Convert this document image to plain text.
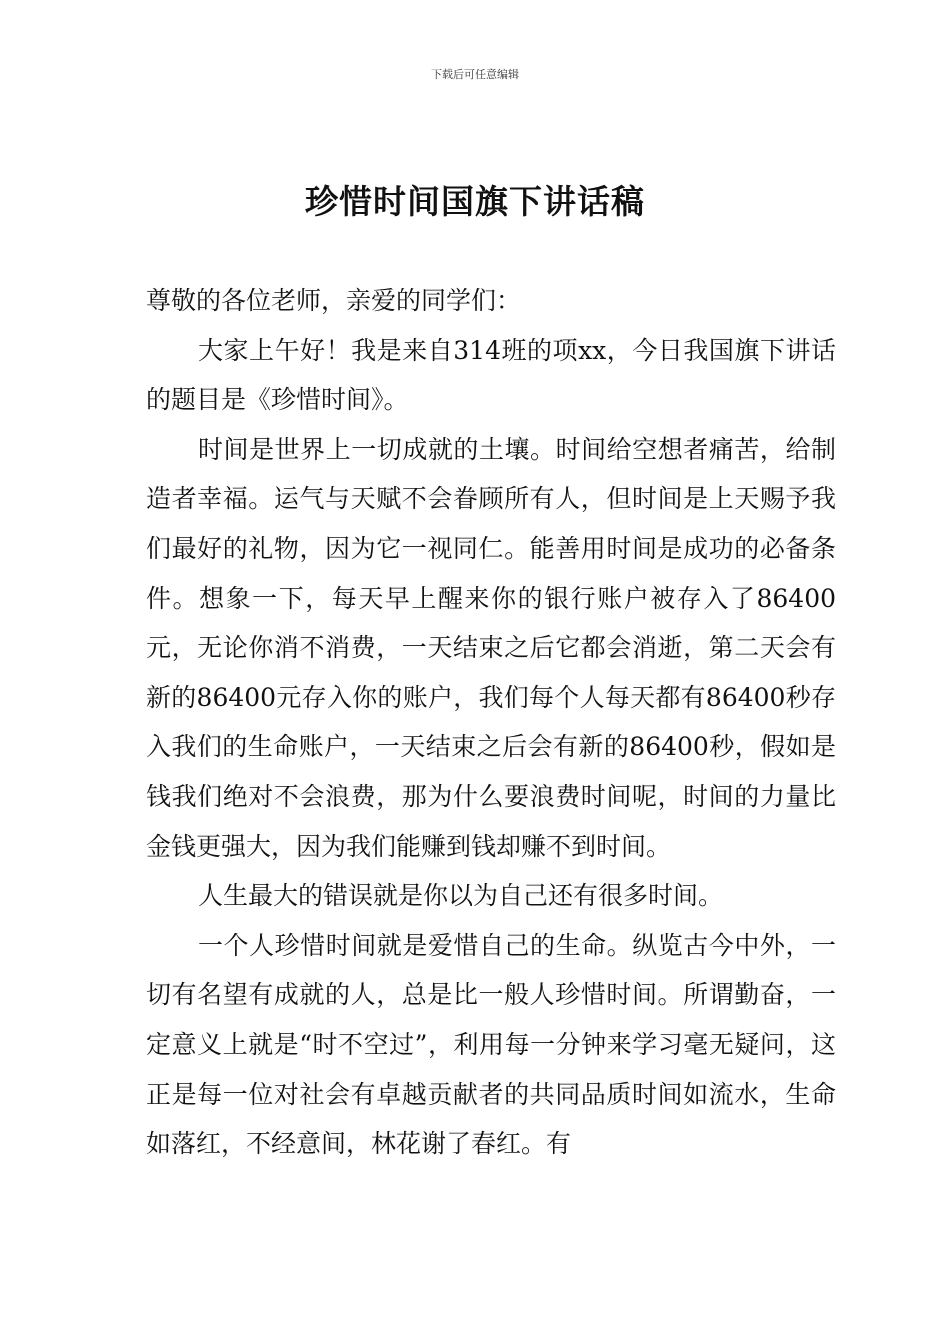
下载后可任意编辑
珍惜时间国旗下讲话稿

尊敬的各位老师，亲爱的同学们：

大家上午好！我是来自314班的项xx，今日我国旗下讲话的题目是《珍惜时间》。

时间是世界上一切成就的土壤。时间给空想者痛苦，给制造者幸福。运气与天赋不会眷顾所有人，但时间是上天赐予我们最好的礼物，因为它一视同仁。能善用时间是成功的必备条件。想象一下，每天早上醒来你的银行账户被存入了86400元，无论你消不消费，一天结束之后它都会消逝，第二天会有新的86400元存入你的账户，我们每个人每天都有86400秒存入我们的生命账户，一天结束之后会有新的86400秒，假如是钱我们绝对不会浪费，那为什么要浪费时间呢，时间的力量比金钱更强大，因为我们能赚到钱却赚不到时间。

人生最大的错误就是你以为自己还有很多时间。

一个人珍惜时间就是爱惜自己的生命。纵览古今中外，一切有名望有成就的人，总是比一般人珍惜时间。所谓勤奋，一定意义上就是“时不空过”，利用每一分钟来学习毫无疑问，这正是每一位对社会有卓越贡献者的共同品质时间如流水，生命如落红，不经意间，林花谢了春红。有
